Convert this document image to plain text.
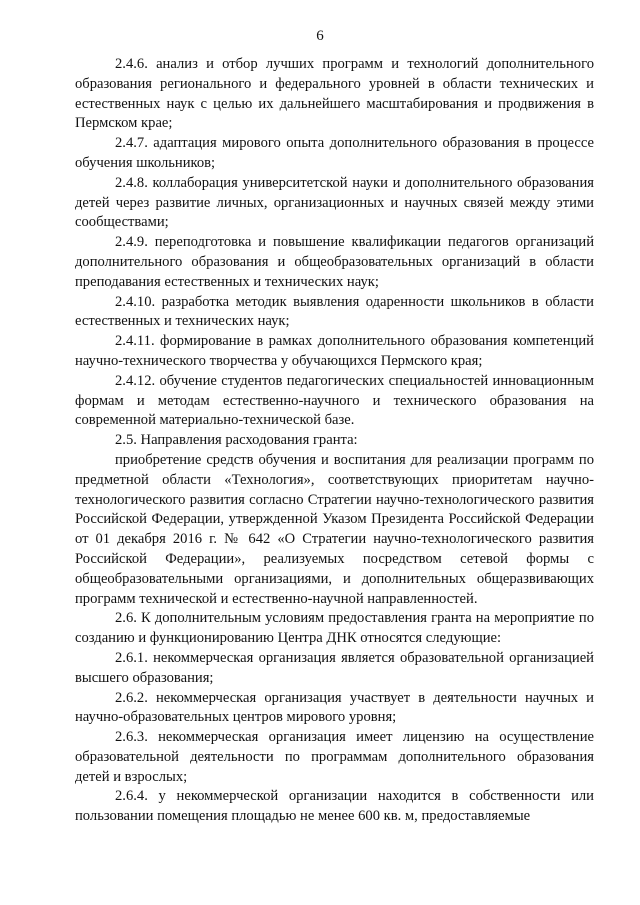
6

2.4.6. анализ и отбор лучших программ и технологий дополнительного образования регионального и федерального уровней в области технических и естественных наук с целью их дальнейшего масштабирования и продвижения в Пермском крае;

2.4.7. адаптация мирового опыта дополнительного образования в процессе обучения школьников;

2.4.8. коллаборация университетской науки и дополнительного образования детей через развитие личных, организационных и научных связей между этими сообществами;

2.4.9. переподготовка и повышение квалификации педагогов организаций дополнительного образования и общеобразовательных организаций в области преподавания естественных и технических наук;

2.4.10. разработка методик выявления одаренности школьников в области естественных и технических наук;

2.4.11. формирование в рамках дополнительного образования компетенций научно-технического творчества у обучающихся Пермского края;

2.4.12. обучение студентов педагогических специальностей инновационным формам и методам естественно-научного и технического образования на современной материально-технической базе.

2.5. Направления расходования гранта:

приобретение средств обучения и воспитания для реализации программ по предметной области «Технология», соответствующих приоритетам научно-технологического развития согласно Стратегии научно-технологического развития Российской Федерации, утвержденной Указом Президента Российской Федерации от 01 декабря 2016 г. № 642 «О Стратегии научно-технологического развития Российской Федерации», реализуемых посредством сетевой формы с общеобразовательными организациями, и дополнительных общеразвивающих программ технической и естественно-научной направленностей.

2.6. К дополнительным условиям предоставления гранта на мероприятие по созданию и функционированию Центра ДНК относятся следующие:

2.6.1. некоммерческая организация является образовательной организацией высшего образования;

2.6.2. некоммерческая организация участвует в деятельности научных и научно-образовательных центров мирового уровня;

2.6.3. некоммерческая организация имеет лицензию на осуществление образовательной деятельности по программам дополнительного образования детей и взрослых;

2.6.4. у некоммерческой организации находится в собственности или пользовании помещения площадью не менее 600 кв. м, предоставляемые
